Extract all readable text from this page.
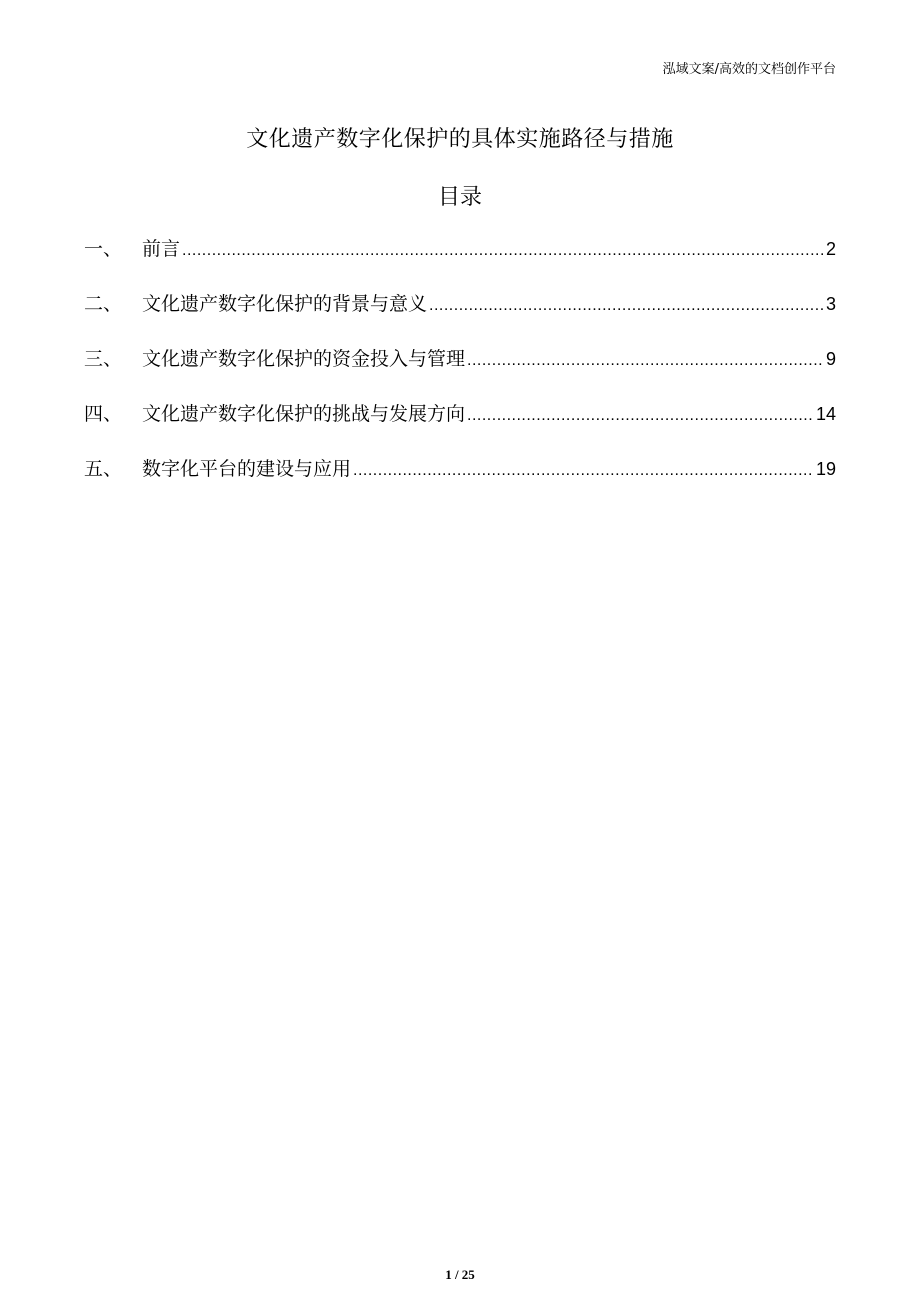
泓域文案/高效的文档创作平台
文化遗产数字化保护的具体实施路径与措施
目录
一、	前言 .....	2
二、	文化遗产数字化保护的背景与意义 .....	3
三、	文化遗产数字化保护的资金投入与管理 .....	9
四、	文化遗产数字化保护的挑战与发展方向 .....	14
五、	数字化平台的建设与应用 .....	19
1 / 25
